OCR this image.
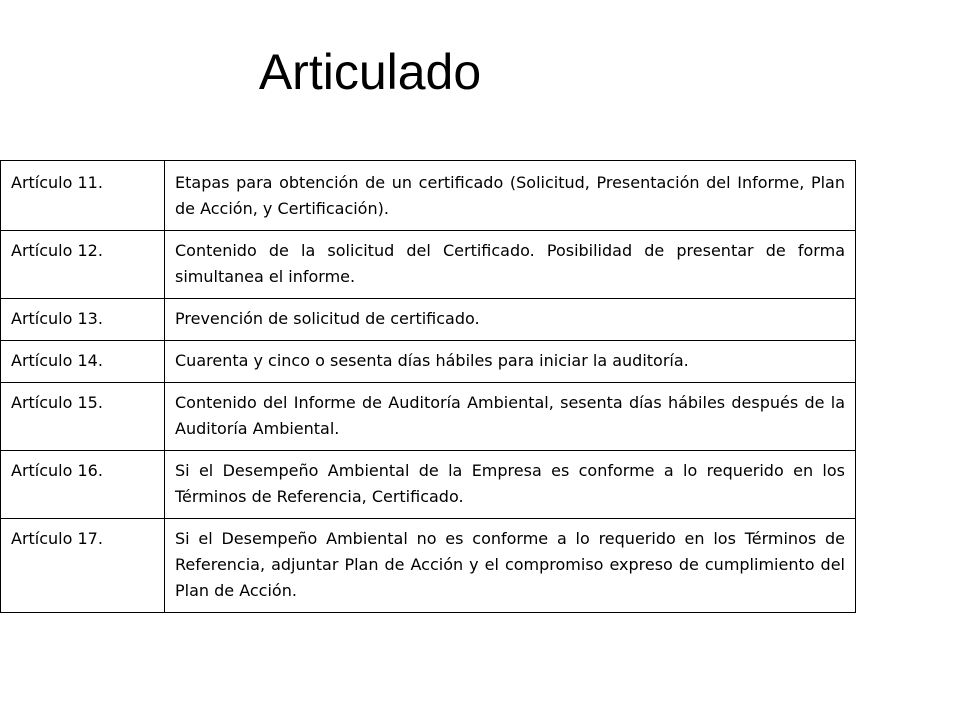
Articulado
Artículo 11.	Etapas para obtención de un certificado (Solicitud, Presentación del Informe, Plan de Acción, y Certificación).
Artículo 12.	Contenido de la solicitud del Certificado. Posibilidad de presentar de forma simultanea el informe.
Artículo 13.	Prevención de solicitud de certificado.
Artículo 14.	Cuarenta y cinco o sesenta días hábiles para iniciar la auditoría.
Artículo 15.	Contenido del Informe de Auditoría Ambiental, sesenta días hábiles después de la Auditoría Ambiental.
Artículo 16.	Si el Desempeño Ambiental de la Empresa es conforme a lo requerido en los Términos de Referencia, Certificado.
Artículo 17.	Si el Desempeño Ambiental no es conforme a lo requerido en los Términos de Referencia, adjuntar Plan de Acción y el compromiso expreso de cumplimiento del Plan de Acción.
